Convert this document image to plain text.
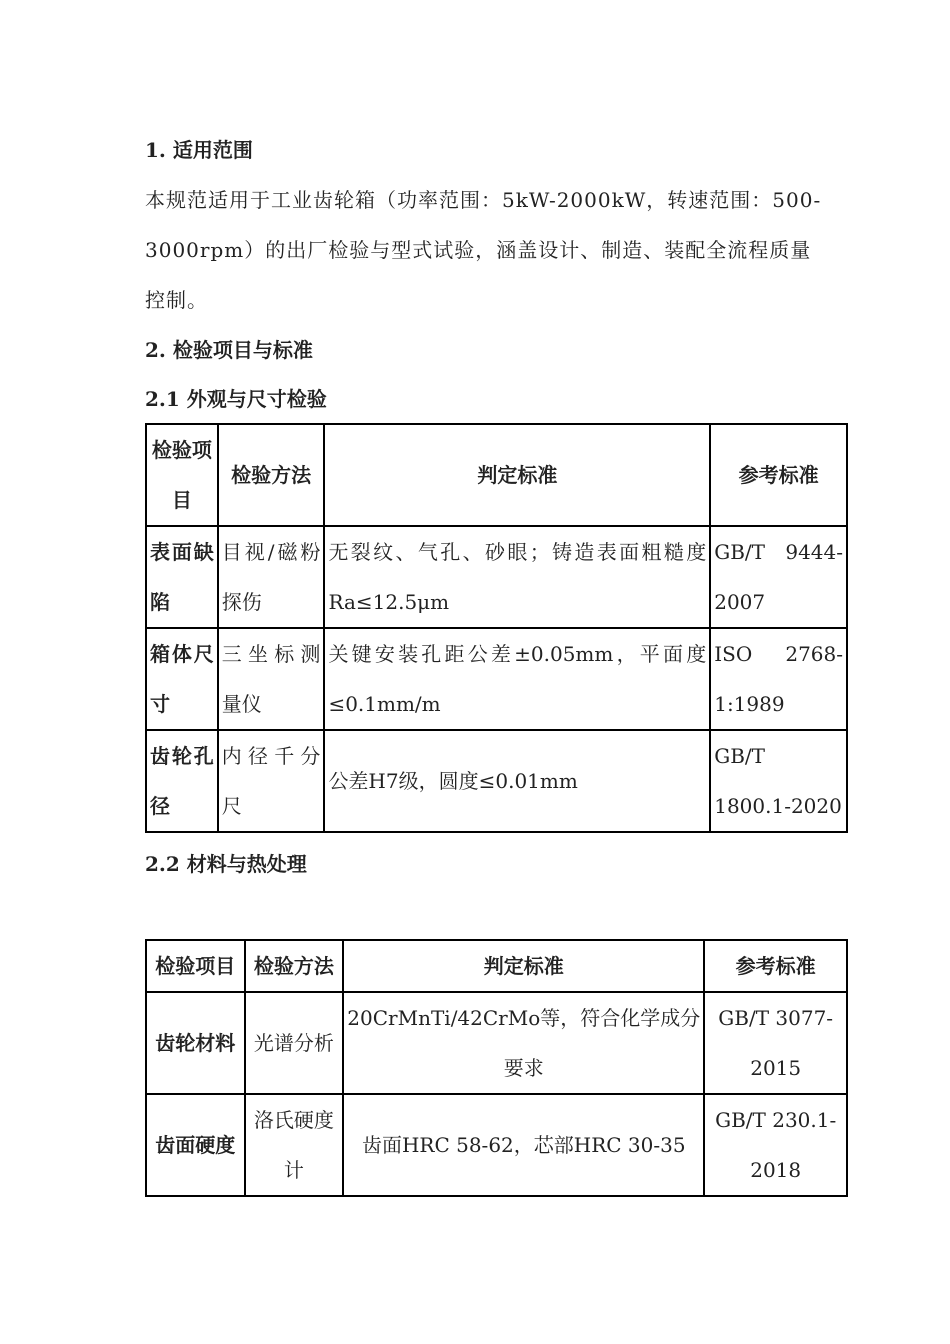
1. 适用范围

本规范适用于工业齿轮箱（功率范围：5kW-2000kW，转速范围：500-3000rpm）的出厂检验与型式试验，涵盖设计、制造、装配全流程质量控制。

2. 检验项目与标准
2.1 外观与尺寸检验
检验项目	检验方法	判定标准	参考标准
表面缺陷	目视/磁粉探伤	无裂纹、气孔、砂眼；铸造表面粗糙度Ra≤12.5μm	GB/T 9444-2007
箱体尺寸	三坐标测量仪	关键安装孔距公差±0.05mm，平面度≤0.1mm/m	ISO 2768-1:1989
齿轮孔径	内径千分尺	公差H7级，圆度≤0.01mm	GB/T 1800.1-2020
2.2 材料与热处理
检验项目	检验方法	判定标准	参考标准
齿轮材料	光谱分析	20CrMnTi/42CrMo等，符合化学成分要求	GB/T 3077-2015
齿面硬度	洛氏硬度计	齿面HRC 58-62，芯部HRC 30-35	GB/T 230.1-2018
